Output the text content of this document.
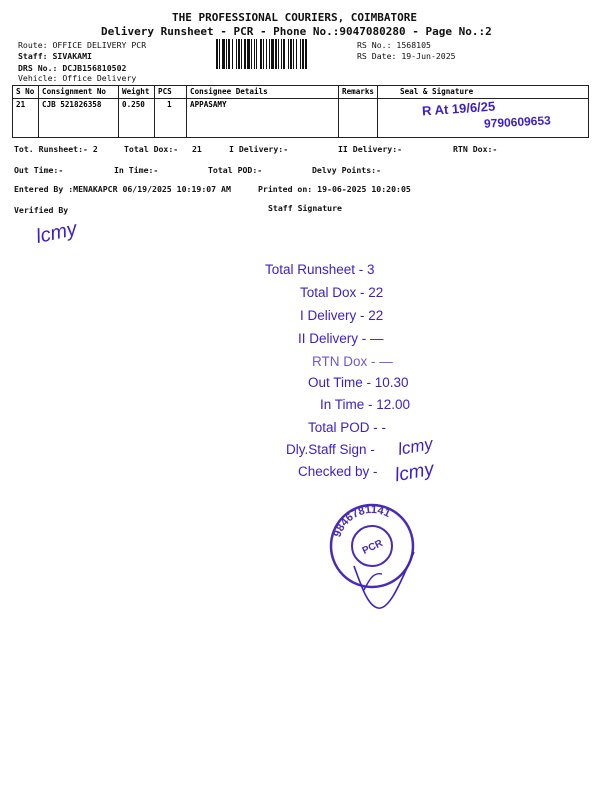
THE PROFESSIONAL COURIERS, COIMBATORE
Delivery Runsheet - PCR - Phone No.:9047080280 - Page No.:2
Route: OFFICE DELIVERY PCR
Staff: SIVAKAMI
DRS No.: DCJB156810502
Vehicle: Office Delivery
RS No.: 1568105
RS Date: 19-Jun-2025
S No	Consignment No	Weight	PCS	Consignee Details	Remarks	Seal & Signature
21	CJB 521826358	0.250	1	APPASAMY		R At 19/6/25
9790609653
Tot. Runsheet:- 2	Total Dox:- 21	I Delivery:-	II Delivery:-	RTN Dox:-
Out Time:-	In Time:-	Total POD:-	Delvy Points:-
Entered By :MENAKAPCR 06/19/2025 10:19:07 AM	Printed on: 19-06-2025 10:20:05
Verified By	Staff Signature
lcmy
Total Runsheet - 3
Total Dox - 22
I Delivery - 22
II Delivery - —
RTN Dox - —
Out Time - 10.30
In Time - 12.00
Total POD - -
Dly.Staff Sign - lcmy
Checked by - lcmy
9846781141
PCR
